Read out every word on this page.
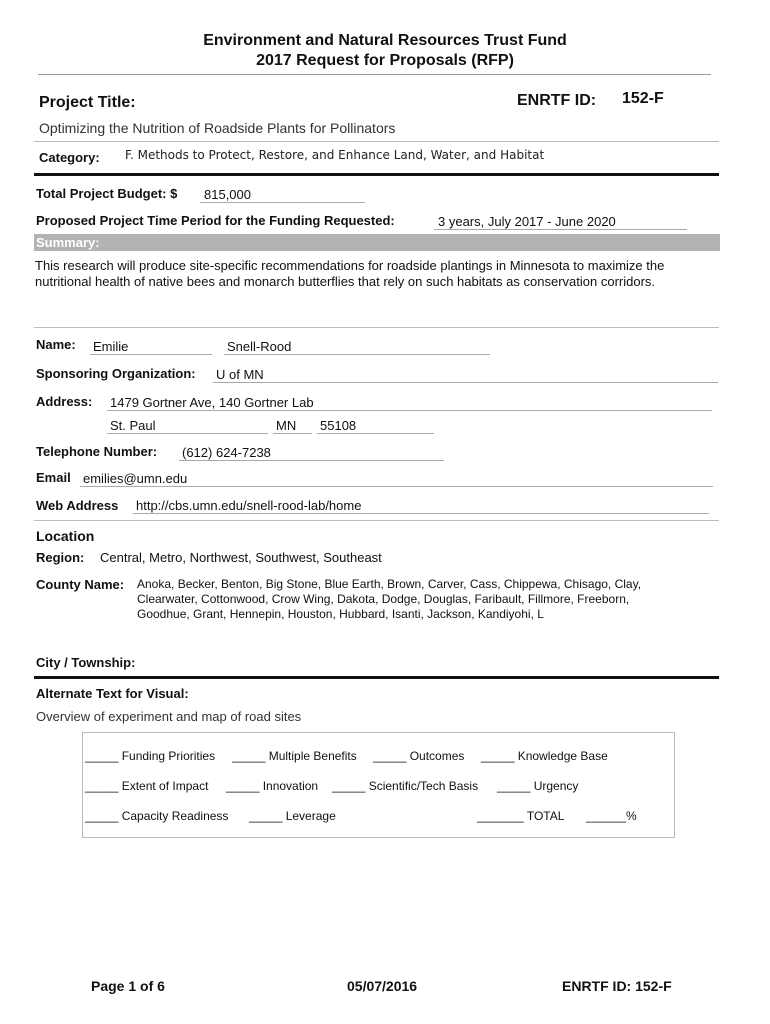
Environment and Natural Resources Trust Fund
2017 Request for Proposals (RFP)
Project Title:	ENRTF ID: 152-F
Optimizing the Nutrition of Roadside Plants for Pollinators
Category: F. Methods to Protect, Restore, and Enhance Land, Water, and Habitat
Total Project Budget: $	815,000
Proposed Project Time Period for the Funding Requested:	3 years, July 2017 - June 2020
Summary:
This research will produce site-specific recommendations for roadside plantings in Minnesota to maximize the nutritional health of native bees and monarch butterflies that rely on such habitats as conservation corridors.
Name: Emilie	Snell-Rood
Sponsoring Organization: U of MN
Address: 1479 Gortner Ave, 140 Gortner Lab
St. Paul	MN	55108
Telephone Number: (612) 624-7238
Email emilies@umn.edu
Web Address http://cbs.umn.edu/snell-rood-lab/home
Location
Region: Central, Metro, Northwest, Southwest, Southeast
County Name: Anoka, Becker, Benton, Big Stone, Blue Earth, Brown, Carver, Cass, Chippewa, Chisago, Clay,
Clearwater, Cottonwood, Crow Wing, Dakota, Dodge, Douglas, Faribault, Fillmore, Freeborn,
Goodhue, Grant, Hennepin, Houston, Hubbard, Isanti, Jackson, Kandiyohi, L
City / Township:
Alternate Text for Visual:
Overview of experiment and map of road sites
_____ Funding Priorities _____ Multiple Benefits _____ Outcomes _____ Knowledge Base
_____ Extent of Impact _____ Innovation _____ Scientific/Tech Basis _____ Urgency
_____ Capacity Readiness _____ Leverage	_______ TOTAL ______%
Page 1 of 6	05/07/2016	ENRTF ID: 152-F
